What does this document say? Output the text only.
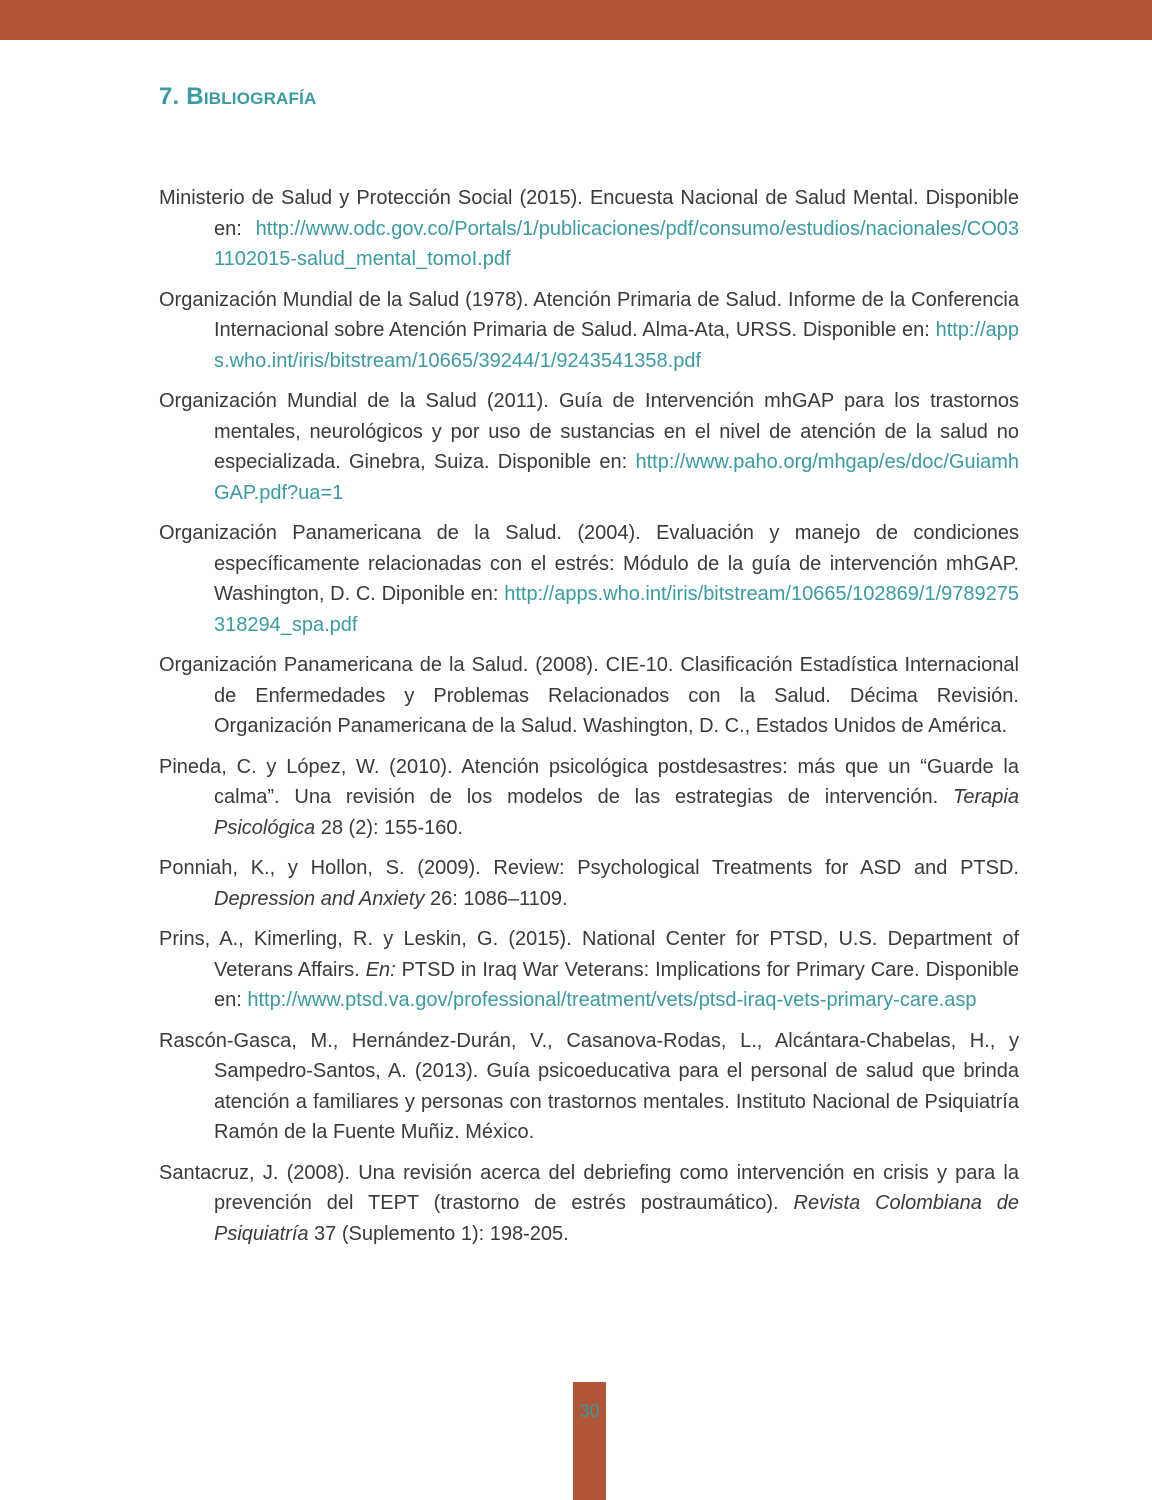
7. Bibliografía

Ministerio de Salud y Protección Social (2015). Encuesta Nacional de Salud Mental. Disponible en: http://www.odc.gov.co/Portals/1/publicaciones/pdf/consumo/estudios/nacionales/CO031102015-salud_mental_tomoI.pdf

Organización Mundial de la Salud (1978). Atención Primaria de Salud. Informe de la Conferencia Internacional sobre Atención Primaria de Salud. Alma-Ata, URSS. Disponible en: http://apps.who.int/iris/bitstream/10665/39244/1/9243541358.pdf

Organización Mundial de la Salud (2011). Guía de Intervención mhGAP para los trastornos mentales, neurológicos y por uso de sustancias en el nivel de atención de la salud no especializada. Ginebra, Suiza. Disponible en: http://www.paho.org/mhgap/es/doc/GuiamhGAP.pdf?ua=1

Organización Panamericana de la Salud. (2004). Evaluación y manejo de condiciones específicamente relacionadas con el estrés: Módulo de la guía de intervención mhGAP. Washington, D. C. Diponible en: http://apps.who.int/iris/bitstream/10665/102869/1/9789275318294_spa.pdf

Organización Panamericana de la Salud. (2008). CIE-10. Clasificación Estadística Internacional de Enfermedades y Problemas Relacionados con la Salud. Décima Revisión. Organización Panamericana de la Salud. Washington, D. C., Estados Unidos de América.

Pineda, C. y López, W. (2010). Atención psicológica postdesastres: más que un “Guarde la calma”. Una revisión de los modelos de las estrategias de intervención. Terapia Psicológica 28 (2): 155-160.

Ponniah, K., y Hollon, S. (2009). Review: Psychological Treatments for ASD and PTSD. Depression and Anxiety 26: 1086–1109.

Prins, A., Kimerling, R. y Leskin, G. (2015). National Center for PTSD, U.S. Department of Veterans Affairs. En: PTSD in Iraq War Veterans: Implications for Primary Care. Disponible en: http://www.ptsd.va.gov/professional/treatment/vets/ptsd-iraq-vets-primary-care.asp

Rascón-Gasca, M., Hernández-Durán, V., Casanova-Rodas, L., Alcántara-Chabelas, H., y Sampedro-Santos, A. (2013). Guía psicoeducativa para el personal de salud que brinda atención a familiares y personas con trastornos mentales. Instituto Nacional de Psiquiatría Ramón de la Fuente Muñiz. México.

Santacruz, J. (2008). Una revisión acerca del debriefing como intervención en crisis y para la prevención del TEPT (trastorno de estrés postraumático). Revista Colombiana de Psiquiatría 37 (Suplemento 1): 198-205.

30
